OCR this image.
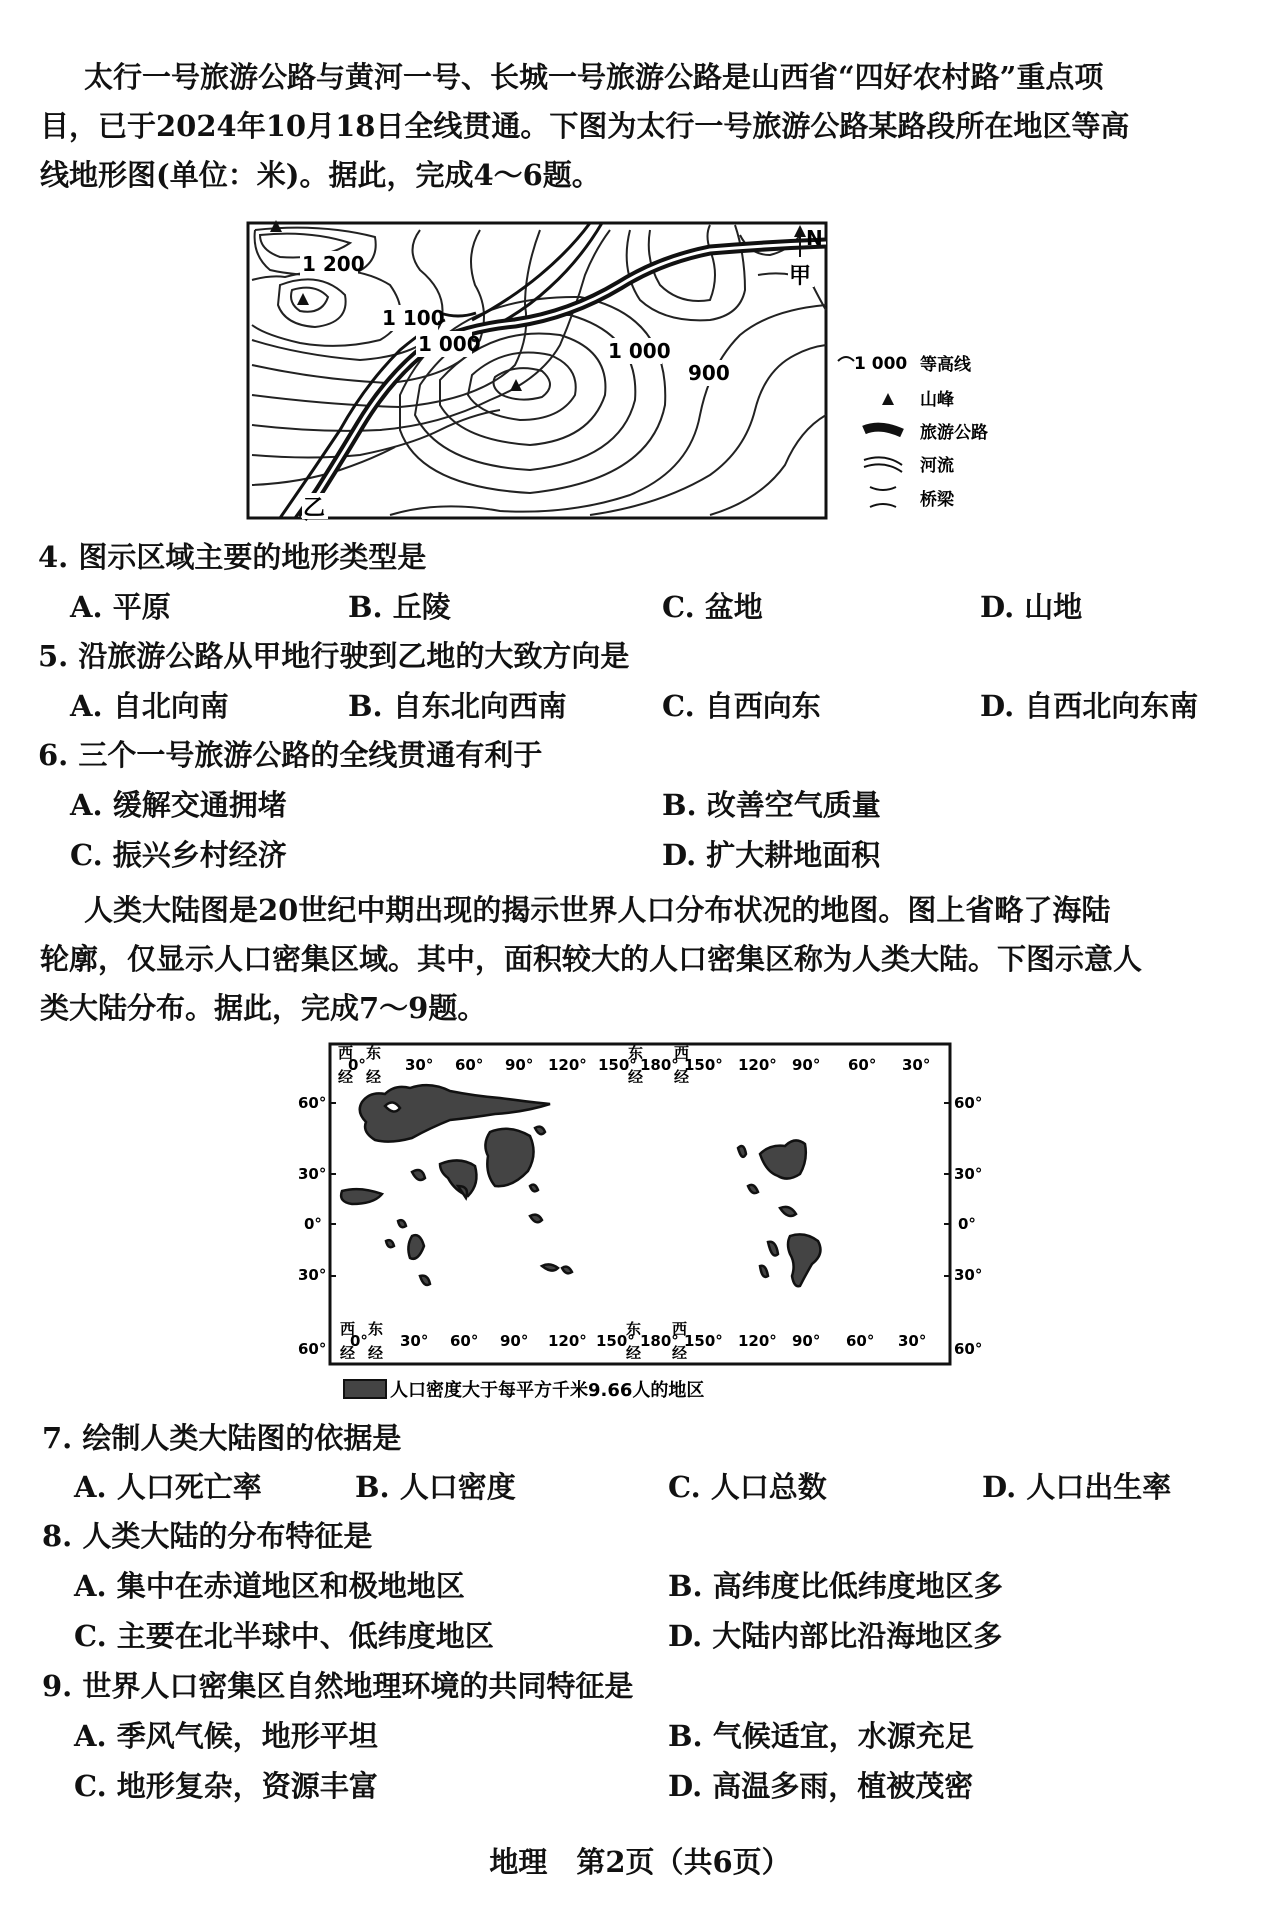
太行一号旅游公路与黄河一号、长城一号旅游公路是山西省“四好农村路”重点项
目，已于2024年10月18日全线贯通。下图为太行一号旅游公路某路段所在地区等高
线地形图(单位：米)。据此，完成4～6题。
1 200
1 100
1 000	1 000
900
甲
乙
N
1 000 等高线
山峰
旅游公路
河流
桥梁
4. 图示区域主要的地形类型是
A. 平原	B. 丘陵	C. 盆地	D. 山地
5. 沿旅游公路从甲地行驶到乙地的大致方向是
A. 自北向南	B. 自东北向西南	C. 自西向东	D. 自西北向东南
6. 三个一号旅游公路的全线贯通有利于
A. 缓解交通拥堵	B. 改善空气质量
C. 振兴乡村经济	D. 扩大耕地面积
人类大陆图是20世纪中期出现的揭示世界人口分布状况的地图。图上省略了海陆
轮廓，仅显示人口密集区域。其中，面积较大的人口密集区称为人类大陆。下图示意人
类大陆分布。据此，完成7～9题。
西
0°
东
经 经
30° 60° 90° 120° 150°
东
经
180°
西
经
150° 120° 90° 60° 30°
西 东
经 经
0° 30° 60° 90° 120° 150°
东
经
180°
西
经
150° 120° 90° 60° 30°
60°
30°
0°
30°
60°
60°
30°
0°
30°
60°
人口密度大于每平方千米9.66人的地区
7. 绘制人类大陆图的依据是
A. 人口死亡率	B. 人口密度	C. 人口总数	D. 人口出生率
8. 人类大陆的分布特征是
A. 集中在赤道地区和极地地区	B. 高纬度比低纬度地区多
C. 主要在北半球中、低纬度地区	D. 大陆内部比沿海地区多
9. 世界人口密集区自然地理环境的共同特征是
A. 季风气候，地形平坦	B. 气候适宜，水源充足
C. 地形复杂，资源丰富	D. 高温多雨，植被茂密
地理　第2页（共6页）
